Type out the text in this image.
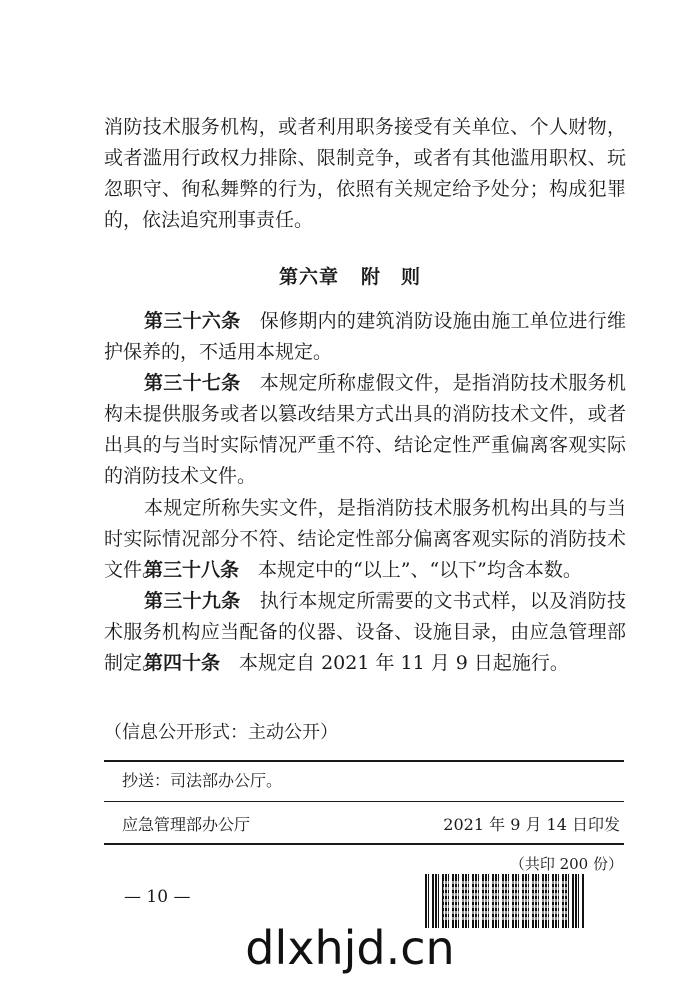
消防技术服务机构，或者利用职务接受有关单位、个人财物，或者滥用行政权力排除、限制竞争，或者有其他滥用职权、玩忽职守、徇私舞弊的行为，依照有关规定给予处分；构成犯罪的，依法追究刑事责任。

第六章 附　则

第三十六条　 保修期内的建筑消防设施由施工单位进行维护保养的，不适用本规定。

第三十七条　 本规定所称虚假文件，是指消防技术服务机构未提供服务或者以篡改结果方式出具的消防技术文件，或者出具的与当时实际情况严重不符、结论定性严重偏离客观实际的消防技术文件。

本规定所称失实文件，是指消防技术服务机构出具的与当时实际情况部分不符、结论定性部分偏离客观实际的消防技术文件。

第三十八条　 本规定中的“以上”、“以下”均含本数。

第三十九条　 执行本规定所需要的文书式样，以及消防技术服务机构应当配备的仪器、设备、设施目录，由应急管理部制定。

第四十条　 本规定自 2021 年 11 月 9 日起施行。

（信息公开形式：主动公开）
抄送：司法部办公厅。
应急管理部办公厅	2021 年 9 月 14 日印发
（共印 200 份）
— 10 —
dlxhjd.cn
